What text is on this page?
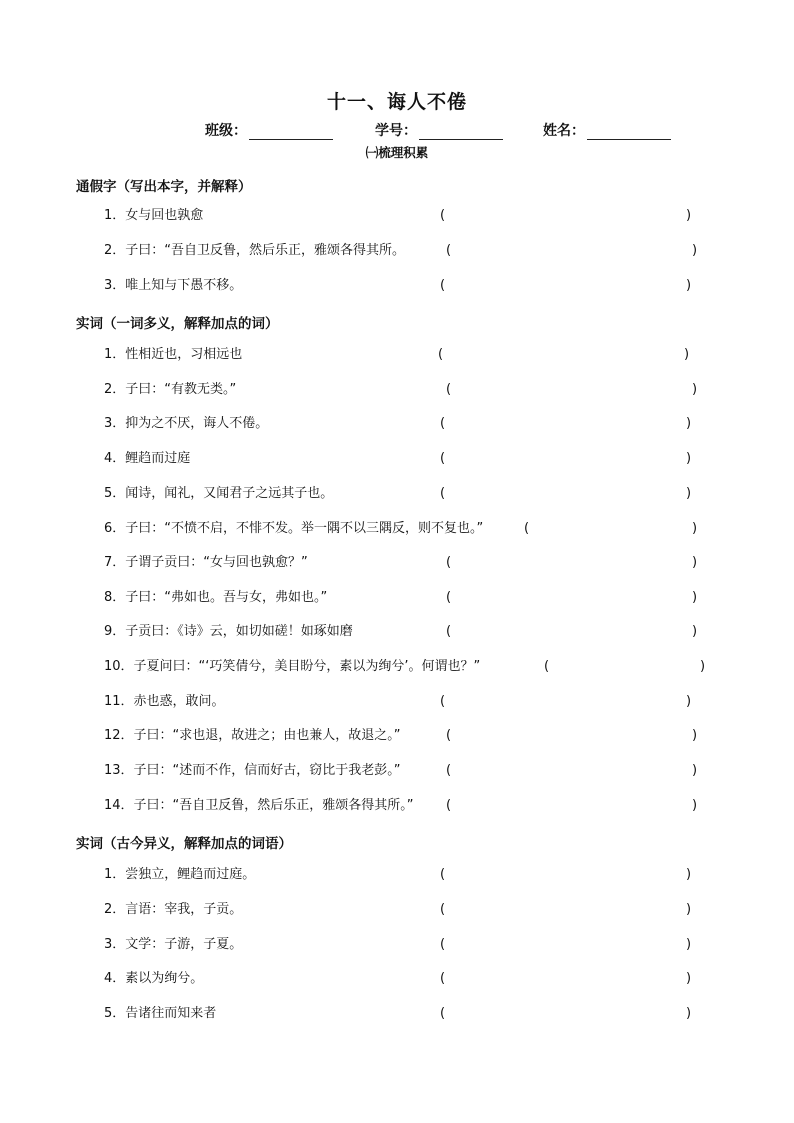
十一、诲人不倦
班级：	学号：	姓名：
㈠梳理积累
通假字（写出本字，并解释）
1．女与回也孰愈	(	)
2．子曰：“吾自卫反鲁，然后乐正，雅颂各得其所。	(	)
3．唯上知与下愚不移。	(	)
实词（一词多义，解释加点的词）
1．性相近也，习相远也	(	)
2．子曰：“有教无类。”	(	)
3．抑为之不厌，诲人不倦。	(	)
4．鲤趋而过庭	(	)
5．闻诗，闻礼，又闻君子之远其子也。	(	)
6．子曰：“不愤不启，不悱不发。举一隅不以三隅反，则不复也。”	(	)
7．子谓子贡曰：“女与回也孰愈？”	(	)
8．子曰：“弗如也。吾与女，弗如也。”	(	)
9．子贡曰：《诗》云，如切如磋！如琢如磨	(	)
10．子夏问曰：“‘巧笑倩兮，美目盼兮，素以为绚兮’。何谓也？”	(	)
11．赤也惑，敢问。	(	)
12．子曰：“求也退，故进之；由也兼人，故退之。”	(	)
13．子曰：“述而不作，信而好古，窃比于我老彭。”	(	)
14．子曰：“吾自卫反鲁，然后乐正，雅颂各得其所。” (	)
实词（古今异义，解释加点的词语）
1．尝独立，鲤趋而过庭。	(	)
2．言语：宰我，子贡。	(	)
3．文学：子游，子夏。	(	)
4．素以为绚兮。	(	)
5．告诸往而知来者	(	)
